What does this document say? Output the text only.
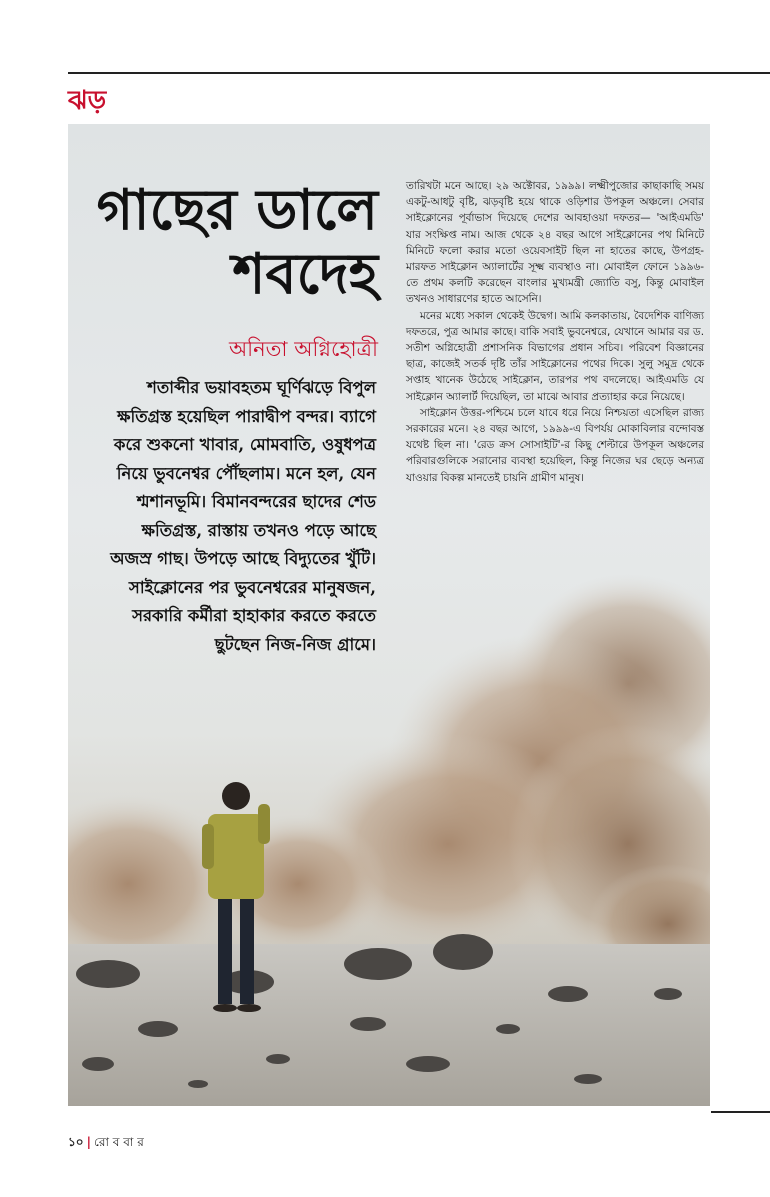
ঝড়
গাছের ডালে
শবদেহ
অনিতা অগ্নিহোত্রী

শতাব্দীর ভয়াবহতম ঘূর্ণিঝড়ে বিপুল ক্ষতিগ্রস্ত হয়েছিল পারাদ্বীপ বন্দর। ব্যাগে করে শুকনো খাবার, মোমবাতি, ওষুধপত্র নিয়ে ভুবনেশ্বর পৌঁছলাম। মনে হল, যেন শ্মশানভূমি। বিমানবন্দরের ছাদের শেড ক্ষতিগ্রস্ত, রাস্তায় তখনও পড়ে আছে অজস্র গাছ। উপড়ে আছে বিদ্যুতের খুঁটি। সাইক্লোনের পর ভুবনেশ্বরের মানুষজন, সরকারি কর্মীরা হাহাকার করতে করতে ছুটছেন নিজ-নিজ গ্রামে।

তারিখটা মনে আছে। ২৯ অক্টোবর, ১৯৯৯। লক্ষ্মীপুজোর কাছাকাছি সময় একটু-আধটু বৃষ্টি, ঝড়বৃষ্টি হয়ে থাকে ওড়িশার উপকূল অঞ্চলে। সেবার সাইক্লোনের পূর্বাভাস দিয়েছে দেশের আবহাওয়া দফতর— 'আইএমডি' যার সংক্ষিপ্ত নাম। আজ থেকে ২৪ বছর আগে সাইক্লোনের পথ মিনিটে মিনিটে ফলো করার মতো ওয়েবসাইট ছিল না হাতের কাছে, উপগ্রহ-মারফত সাইক্লোন অ্যালার্টের সূক্ষ্ম ব্যবস্থাও না। মোবাইল ফোনে ১৯৯৬-তে প্রথম কলটি করেছেন বাংলার মুখ্যমন্ত্রী জ্যোতি বসু, কিন্তু মোবাইল তখনও সাধারণের হাতে আসেনি।

মনের মধ্যে সকাল থেকেই উদ্বেগ। আমি কলকাতায়, বৈদেশিক বাণিজ্য দফতরে, পুত্র আমার কাছে। বাকি সবাই ভুবনেশ্বরে, যেখানে আমার বর ড. সতীশ অগ্নিহোত্রী প্রশাসনিক বিভাগের প্রধান সচিব। পরিবেশ বিজ্ঞানের ছাত্র, কাজেই সতর্ক দৃষ্টি তাঁর সাইক্লোনের পথের দিকে। সুলু সমুদ্র থেকে সপ্তাহ খানেক উঠেছে সাইক্লোন, তারপর পথ বদলেছে। আইএমডি যে সাইক্লোন অ্যালার্ট দিয়েছিল, তা মাঝে আবার প্রত্যাহার করে নিয়েছে।

সাইক্লোন উত্তর-পশ্চিমে চলে যাবে ধরে নিয়ে নিশ্চয়তা এসেছিল রাজ্য সরকারের মনে। ২৪ বছর আগে, ১৯৯৯-এ বিপর্যয় মোকাবিলার বন্দোবস্ত যথেষ্ট ছিল না। 'রেড ক্রস সোসাইটি'-র কিছু শেল্টারে উপকূল অঞ্চলের পরিবারগুলিকে সরানোর ব্যবস্থা হয়েছিল, কিন্তু নিজের ঘর ছেড়ে অন্যত্র যাওয়ার বিকল্প মানতেই চায়নি গ্রামীণ মানুষ।

১০ | রো ব বা র
